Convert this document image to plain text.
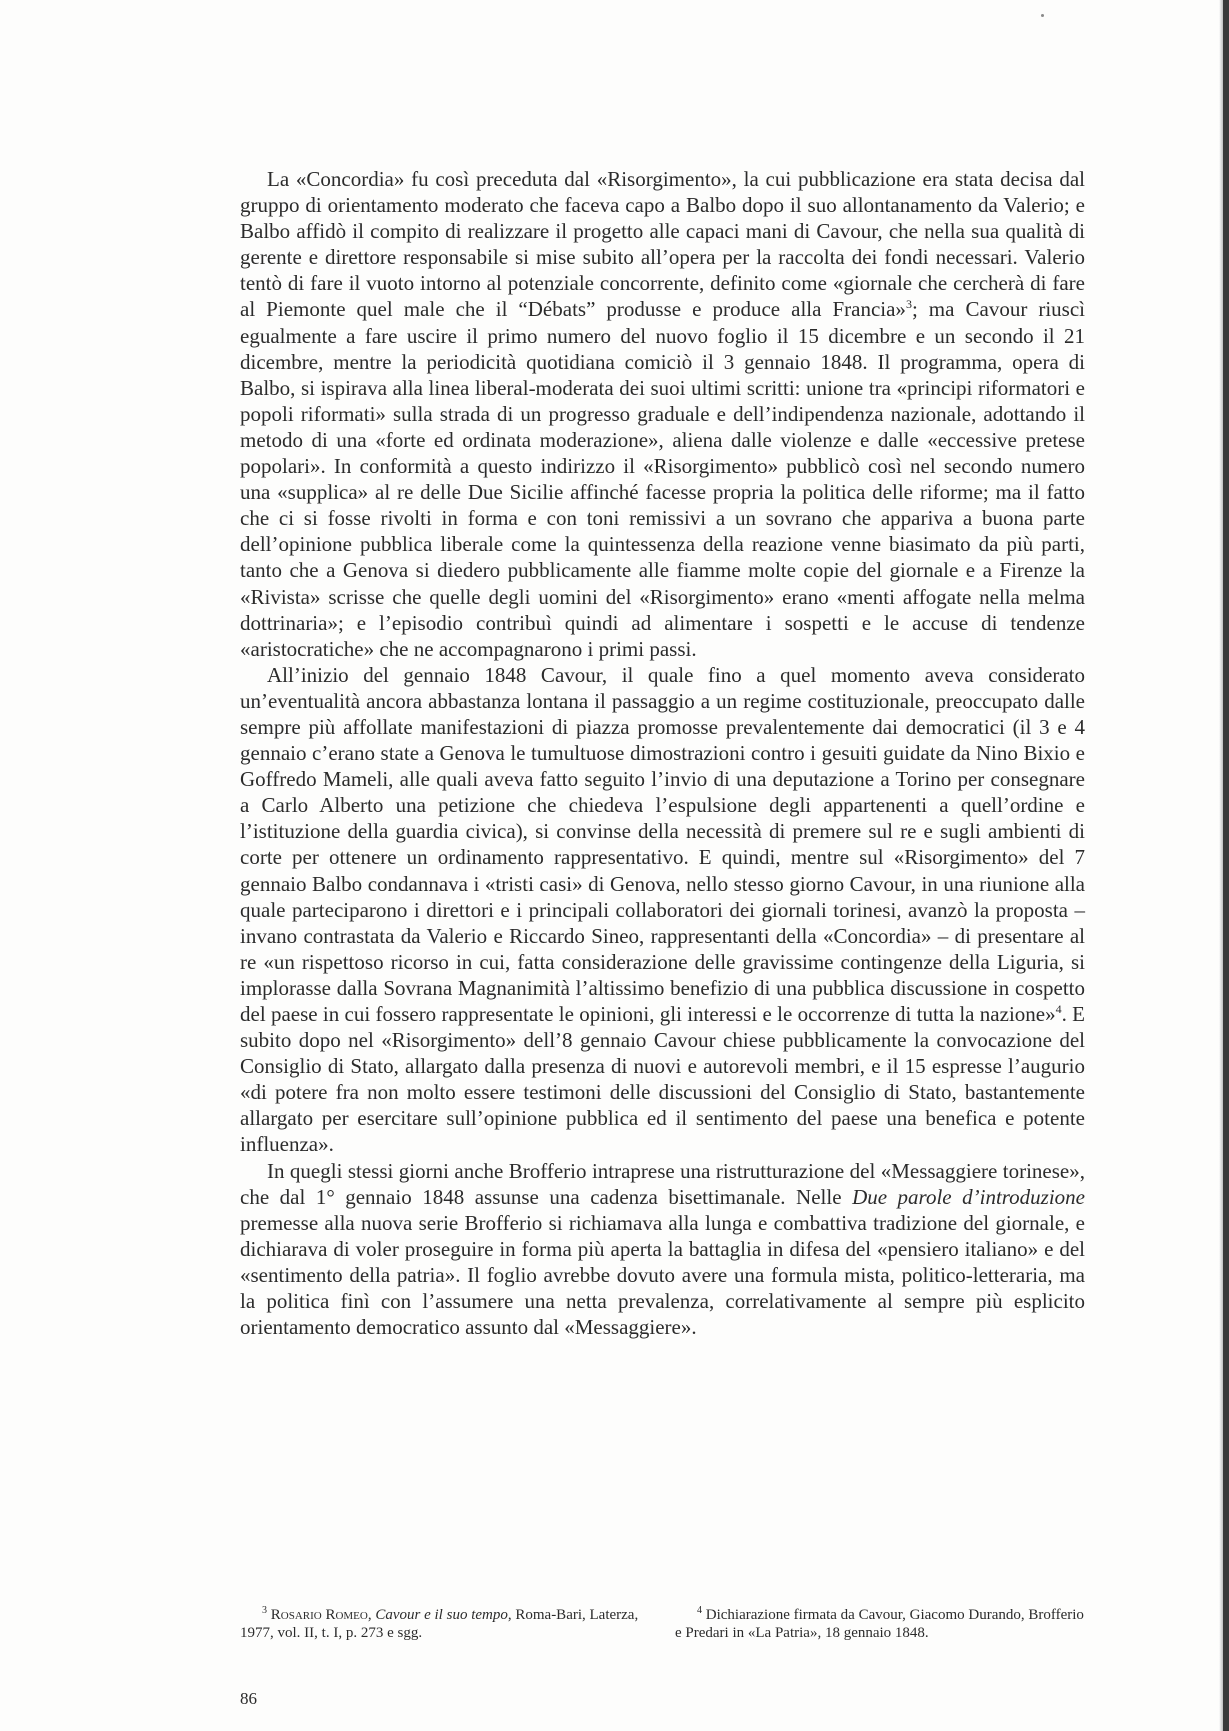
La «Concordia» fu così preceduta dal «Risorgimento», la cui pubblicazione era stata decisa dal gruppo di orientamento moderato che faceva capo a Balbo dopo il suo allontanamento da Valerio; e Balbo affidò il compito di realizzare il progetto alle capaci mani di Cavour, che nella sua qualità di gerente e direttore responsabile si mise subito all’opera per la raccolta dei fondi necessari. Valerio tentò di fare il vuoto intorno al potenziale concorrente, definito come «giornale che cercherà di fare al Piemonte quel male che il “Débats” produsse e produce alla Francia»$^3$; ma Cavour riuscì egualmente a fare uscire il primo numero del nuovo foglio il 15 dicembre e un secondo il 21 dicembre, mentre la periodicità quotidiana comiciò il 3 gennaio 1848. Il programma, opera di Balbo, si ispirava alla linea liberal-moderata dei suoi ultimi scritti: unione tra «principi riformatori e popoli riformati» sulla strada di un progresso graduale e dell’indipendenza nazionale, adottando il metodo di una «forte ed ordinata moderazione», aliena dalle violenze e dalle «eccessive pretese popolari». In conformità a questo indirizzo il «Risorgimento» pubblicò così nel secondo numero una «supplica» al re delle Due Sicilie affinché facesse propria la politica delle riforme; ma il fatto che ci si fosse rivolti in forma e con toni remissivi a un sovrano che appariva a buona parte dell’opinione pubblica liberale come la quintessenza della reazione venne biasimato da più parti, tanto che a Genova si diedero pubblicamente alle fiamme molte copie del giornale e a Firenze la «Rivista» scrisse che quelle degli uomini del «Risorgimento» erano «menti affogate nella melma dottrinaria»; e l’episodio contribuì quindi ad alimentare i sospetti e le accuse di tendenze «aristocratiche» che ne accompagnarono i primi passi.

All’inizio del gennaio 1848 Cavour, il quale fino a quel momento aveva considerato un’eventualità ancora abbastanza lontana il passaggio a un regime costituzionale, preoccupato dalle sempre più affollate manifestazioni di piazza promosse prevalentemente dai democratici (il 3 e 4 gennaio c’erano state a Genova le tumultuose dimostrazioni contro i gesuiti guidate da Nino Bixio e Goffredo Mameli, alle quali aveva fatto seguito l’invio di una deputazione a Torino per consegnare a Carlo Alberto una petizione che chiedeva l’espulsione degli appartenenti a quell’ordine e l’istituzione della guardia civica), si convinse della necessità di premere sul re e sugli ambienti di corte per ottenere un ordinamento rappresentativo. E quindi, mentre sul «Risorgimento» del 7 gennaio Balbo condannava i «tristi casi» di Genova, nello stesso giorno Cavour, in una riunione alla quale parteciparono i direttori e i principali collaboratori dei giornali torinesi, avanzò la proposta – invano contrastata da Valerio e Riccardo Sineo, rappresentanti della «Concordia» – di presentare al re «un rispettoso ricorso in cui, fatta considerazione delle gravissime contingenze della Liguria, si implorasse dalla Sovrana Magnanimità l’altissimo benefizio di una pubblica discussione in cospetto del paese in cui fossero rappresentate le opinioni, gli interessi e le occorrenze di tutta la nazione»$^4$. E subito dopo nel «Risorgimento» dell’8 gennaio Cavour chiese pubblicamente la convocazione del Consiglio di Stato, allargato dalla presenza di nuovi e autorevoli membri, e il 15 espresse l’augurio «di potere fra non molto essere testimoni delle discussioni del Consiglio di Stato, bastantemente allargato per esercitare sull’opinione pubblica ed il sentimento del paese una benefica e potente influenza».

In quegli stessi giorni anche Brofferio intraprese una ristrutturazione del «Messaggiere torinese», che dal 1° gennaio 1848 assunse una cadenza bisettimanale. Nelle Due parole d’introduzione premesse alla nuova serie Brofferio si richiamava alla lunga e combattiva tradizione del giornale, e dichiarava di voler proseguire in forma più aperta la battaglia in difesa del «pensiero italiano» e del «sentimento della patria». Il foglio avrebbe dovuto avere una formula mista, politico-letteraria, ma la politica finì con l’assumere una netta prevalenza, correlativamente al sempre più esplicito orientamento democratico assunto dal «Messaggiere».

$^3$ Rosario Romeo, Cavour e il suo tempo, Roma-Bari, Laterza, 1977, vol. II, t. I, p. 273 e sgg.
$^4$ Dichiarazione firmata da Cavour, Giacomo Durando, Brofferio e Predari in «La Patria», 18 gennaio 1848.
86
